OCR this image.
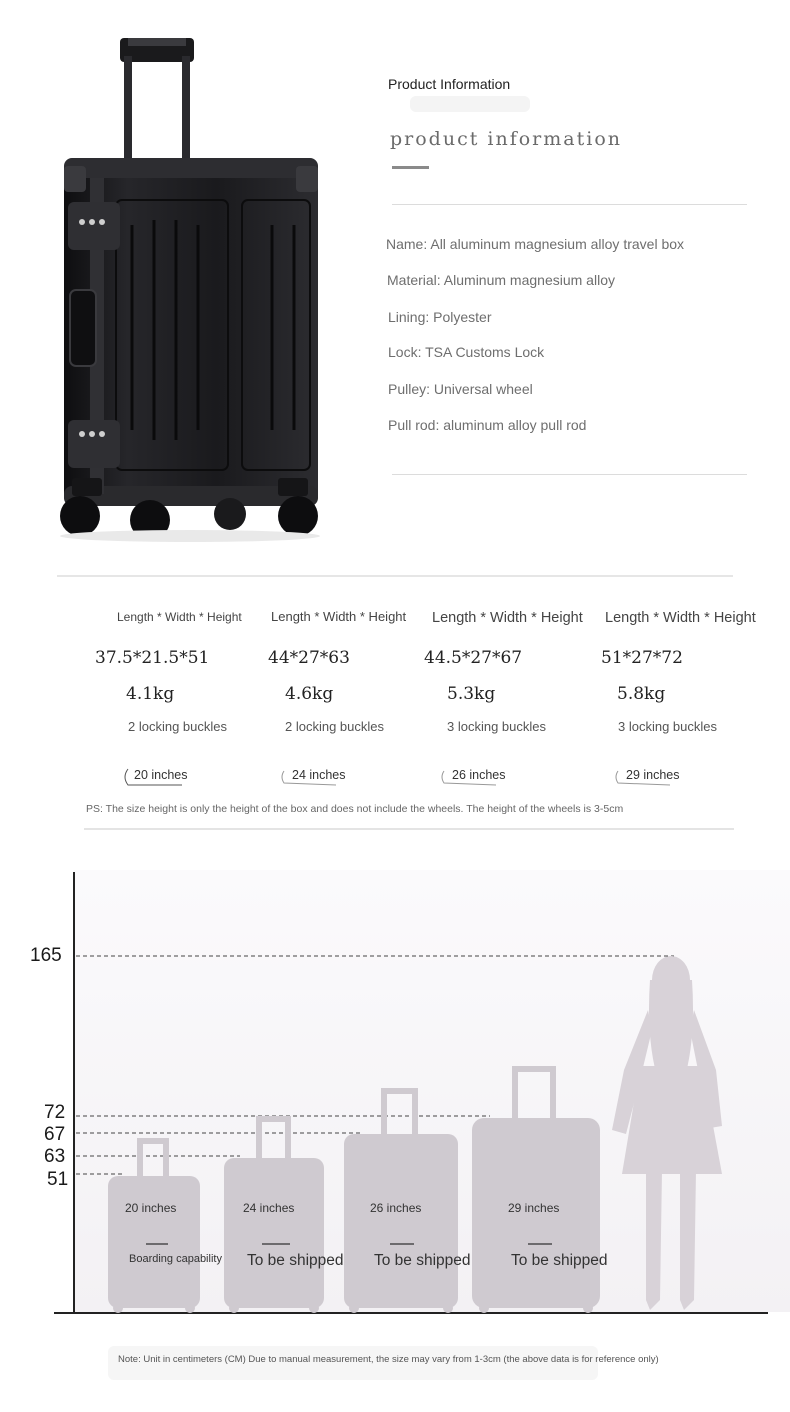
Product Information
product information
Name: All aluminum magnesium alloy travel box
Material: Aluminum magnesium alloy
Lining: Polyester
Lock: TSA Customs Lock
Pulley: Universal wheel
Pull rod: aluminum alloy pull rod
Length * Width * Height Length * Width * Height Length * Width * Height Length * Width * Height
37.5*21.5*51	44*27*63	44.5*27*67	51*27*72
4.1kg	4.6kg	5.3kg	5.8kg
2 locking buckles	2 locking buckles	3 locking buckles	3 locking buckles
20 inches	24 inches	26 inches	29 inches
PS: The size height is only the height of the box and does not include the wheels. The height of the wheels is 3-5cm
165
72
67
63
51
20 inches	24 inches	26 inches	29 inches
Boarding capability To be shipped To be shipped	To be shipped
Note: Unit in centimeters (CM) Due to manual measurement, the size may vary from 1-3cm (the above data is for reference only)
